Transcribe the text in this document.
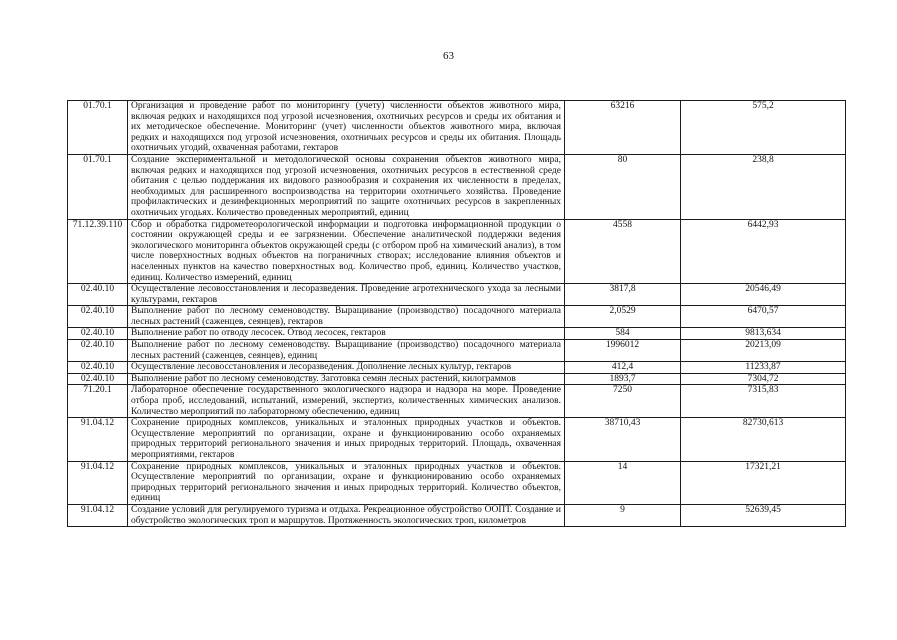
63
01.70.1	Организация и проведение работ по мониторингу (учету) численности объектов животного мира, включая редких и находящихся под угрозой исчезновения, охотничьих ресурсов и среды их обитания и их методическое обеспечение. Мониторинг (учет) численности объектов животного мира, включая редких и находящихся под угрозой исчезновения, охотничьих ресурсов и среды их обитания. Площадь охотничьих угодий, охваченная работами, гектаров	63216	575,2
01.70.1	Создание экспериментальной и методологической основы сохранения объектов животного мира, включая редких и находящихся под угрозой исчезновения, охотничьих ресурсов в естественной среде обитания с целью поддержания их видового разнообразия и сохранения их численности в пределах, необходимых для расширенного воспроизводства на территории охотничьего хозяйства. Проведение профилактических и дезинфекционных мероприятий по защите охотничьих ресурсов в закрепленных охотничьих угодьях. Количество проведенных мероприятий, единиц	80	238,8
71.12.39.110	Сбор и обработка гидрометеорологической информации и подготовка информационной продукции о состоянии окружающей среды и ее загрязнении. Обеспечение аналитической поддержки ведения экологического мониторинга объектов окружающей среды (с отбором проб на химический анализ), в том числе поверхностных водных объектов на пограничных створах; исследование влияния объектов и населенных пунктов на качество поверхностных вод. Количество проб, единиц. Количество участков, единиц. Количество измерений, единиц	4558	6442,93
02.40.10	Осуществление лесовосстановления и лесоразведения. Проведение агротехнического ухода за лесными культурами, гектаров	3817,8	20546,49
02.40.10	Выполнение работ по лесному семеноводству. Выращивание (производство) посадочного материала лесных растений (саженцев, сеянцев), гектаров	2,0529	6470,57
02.40.10	Выполнение работ по отводу лесосек. Отвод лесосек, гектаров	584	9813,634
02.40.10	Выполнение работ по лесному семеноводству. Выращивание (производство) посадочного материала лесных растений (саженцев, сеянцев), единиц	1996012	20213,09
02.40.10	Осуществление лесовосстановления и лесоразведения. Дополнение лесных культур, гектаров	412,4	11233,87
02.40.10	Выполнение работ по лесному семеноводству. Заготовка семян лесных растений, килограммов	1893,7	7304,72
71.20.1	Лабораторное обеспечение государственного экологического надзора и надзора на море. Проведение отбора проб, исследований, испытаний, измерений, экспертиз, количественных химических анализов. Количество мероприятий по лабораторному обеспечению, единиц	7250	7315,83
91.04.12	Сохранение природных комплексов, уникальных и эталонных природных участков и объектов. Осуществление мероприятий по организации, охране и функционированию особо охраняемых природных территорий регионального значения и иных природных территорий. Площадь, охваченная мероприятиями, гектаров	38710,43	82730,613
91.04.12	Сохранение природных комплексов, уникальных и эталонных природных участков и объектов. Осуществление мероприятий по организации, охране и функционированию особо охраняемых природных территорий регионального значения и иных природных территорий. Количество объектов, единиц	14	17321,21
91.04.12	Создание условий для регулируемого туризма и отдыха. Рекреационное обустройство ООПТ. Создание и обустройство экологических троп и маршрутов. Протяженность экологических троп, километров	9	52639,45
